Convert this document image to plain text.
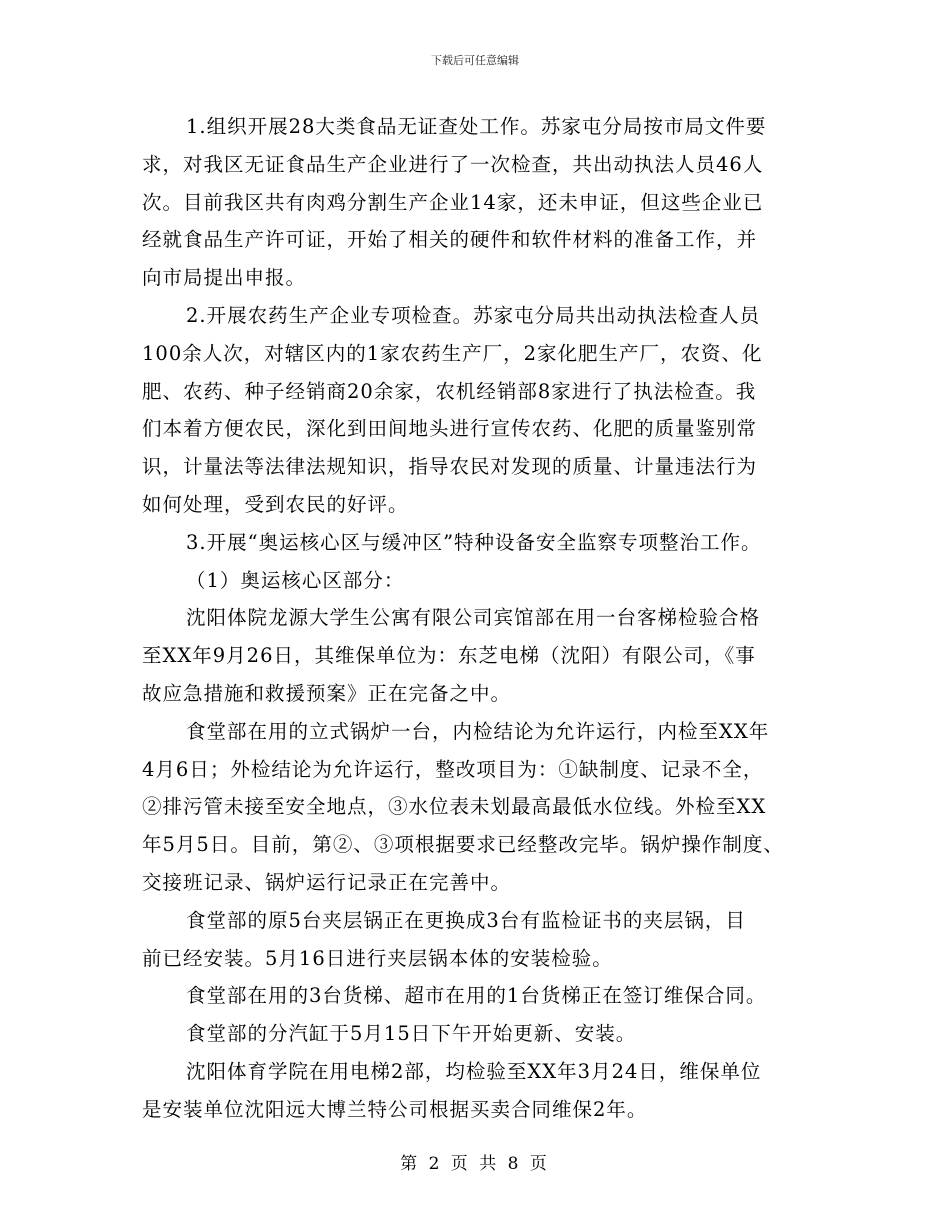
下载后可任意编辑

1.组织开展28大类食品无证查处工作。苏家屯分局按市局文件要

求，对我区无证食品生产企业进行了一次检查，共出动执法人员46人

次。目前我区共有肉鸡分割生产企业14家，还未申证，但这些企业已

经就食品生产许可证，开始了相关的硬件和软件材料的准备工作，并

向市局提出申报。

2.开展农药生产企业专项检查。苏家屯分局共出动执法检查人员

100余人次，对辖区内的1家农药生产厂，2家化肥生产厂，农资、化

肥、农药、种子经销商20余家，农机经销部8家进行了执法检查。我

们本着方便农民，深化到田间地头进行宣传农药、化肥的质量鉴别常

识，计量法等法律法规知识，指导农民对发现的质量、计量违法行为

如何处理，受到农民的好评。

3.开展“奥运核心区与缓冲区”特种设备安全监察专项整治工作。

（1）奥运核心区部分：

沈阳体院龙源大学生公寓有限公司宾馆部在用一台客梯检验合格

至XX年9月26日，其维保单位为：东芝电梯（沈阳）有限公司，《事

故应急措施和救援预案》正在完备之中。

食堂部在用的立式锅炉一台，内检结论为允许运行，内检至XX年

4月6日；外检结论为允许运行，整改项目为：①缺制度、记录不全，

②排污管未接至安全地点，③水位表未划最高最低水位线。外检至XX

年5月5日。目前，第②、③项根据要求已经整改完毕。锅炉操作制度、

交接班记录、锅炉运行记录正在完善中。

食堂部的原5台夹层锅正在更换成3台有监检证书的夹层锅，目

前已经安装。5月16日进行夹层锅本体的安装检验。

食堂部在用的3台货梯、超市在用的1台货梯正在签订维保合同。

食堂部的分汽缸于5月15日下午开始更新、安装。

沈阳体育学院在用电梯2部，均检验至XX年3月24日，维保单位

是安装单位沈阳远大博兰特公司根据买卖合同维保2年。

第 2 页 共 8 页
